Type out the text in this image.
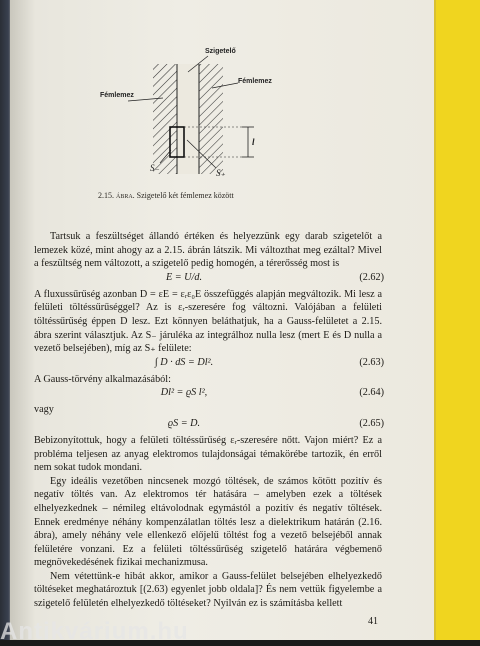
Szigetelő
Fémlemez
Fémlemez
l
S₋	S₊
2.15. ábra. Szigetelő két fémlemez között

Tartsuk a feszültséget állandó értéken és helyezzünk egy darab szigetelőt a lemezek közé, mint ahogy az a 2.15. ábrán látszik. Mi változthat meg ezáltal? Mivel a feszültség nem változott, a szigetelő pedig homogén, a térerősség most is

E = U/d.	(2.62)

A fluxussűrűség azonban D = εE = εᵣε₀E összefüggés alapján megváltozik. Mi lesz a felületi töltéssűrűséggel? Az is εᵣ-szeresére fog változni. Valójában a felületi töltéssűrűség éppen D lesz. Ezt könnyen beláthatjuk, ha a Gauss-felületet a 2.15. ábra szerint választjuk. Az S₋ járuléka az integrálhoz nulla lesz (mert E és D nulla a vezető belsejében), míg az S₊ felülete:

∫ D · dS = Dl².	(2.63)

A Gauss-törvény alkalmazásából:

Dl² = ϱS l²,	(2.64)

vagy

ϱS = D.	(2.65)

Bebizonyítottuk, hogy a felületi töltéssűrűség εᵣ-szeresére nőtt. Vajon miért? Ez a probléma teljesen az anyag elektromos tulajdonságai témakörébe tartozik, én erről nem sokat tudok mondani.

Egy ideális vezetőben nincsenek mozgó töltések, de számos kötött pozitív és negatív töltés van. Az elektromos tér hatására – amelyben ezek a töltések elhelyezkednek – némileg eltávolodnak egymástól a pozitív és negatív töltések. Ennek eredménye néhány kompenzálatlan töltés lesz a dielektrikum határán (2.16. ábra), amely néhány vele ellenkező előjelű töltést fog a vezető belsejéből annak felületére vonzani. Ez a felületi töltéssűrűség szigetelő határára végbemenő megnövekedésének fizikai mechanizmusa.

Nem vétettünk-e hibát akkor, amikor a Gauss-felület belsejében elhelyezkedő töltéseket meghatároztuk [(2.63) egyenlet jobb oldala]? És nem vettük figyelembe a szigetelő felületén elhelyezkedő töltéseket? Nyilván ez is számításba kellett

41
Antikvárium.hu
